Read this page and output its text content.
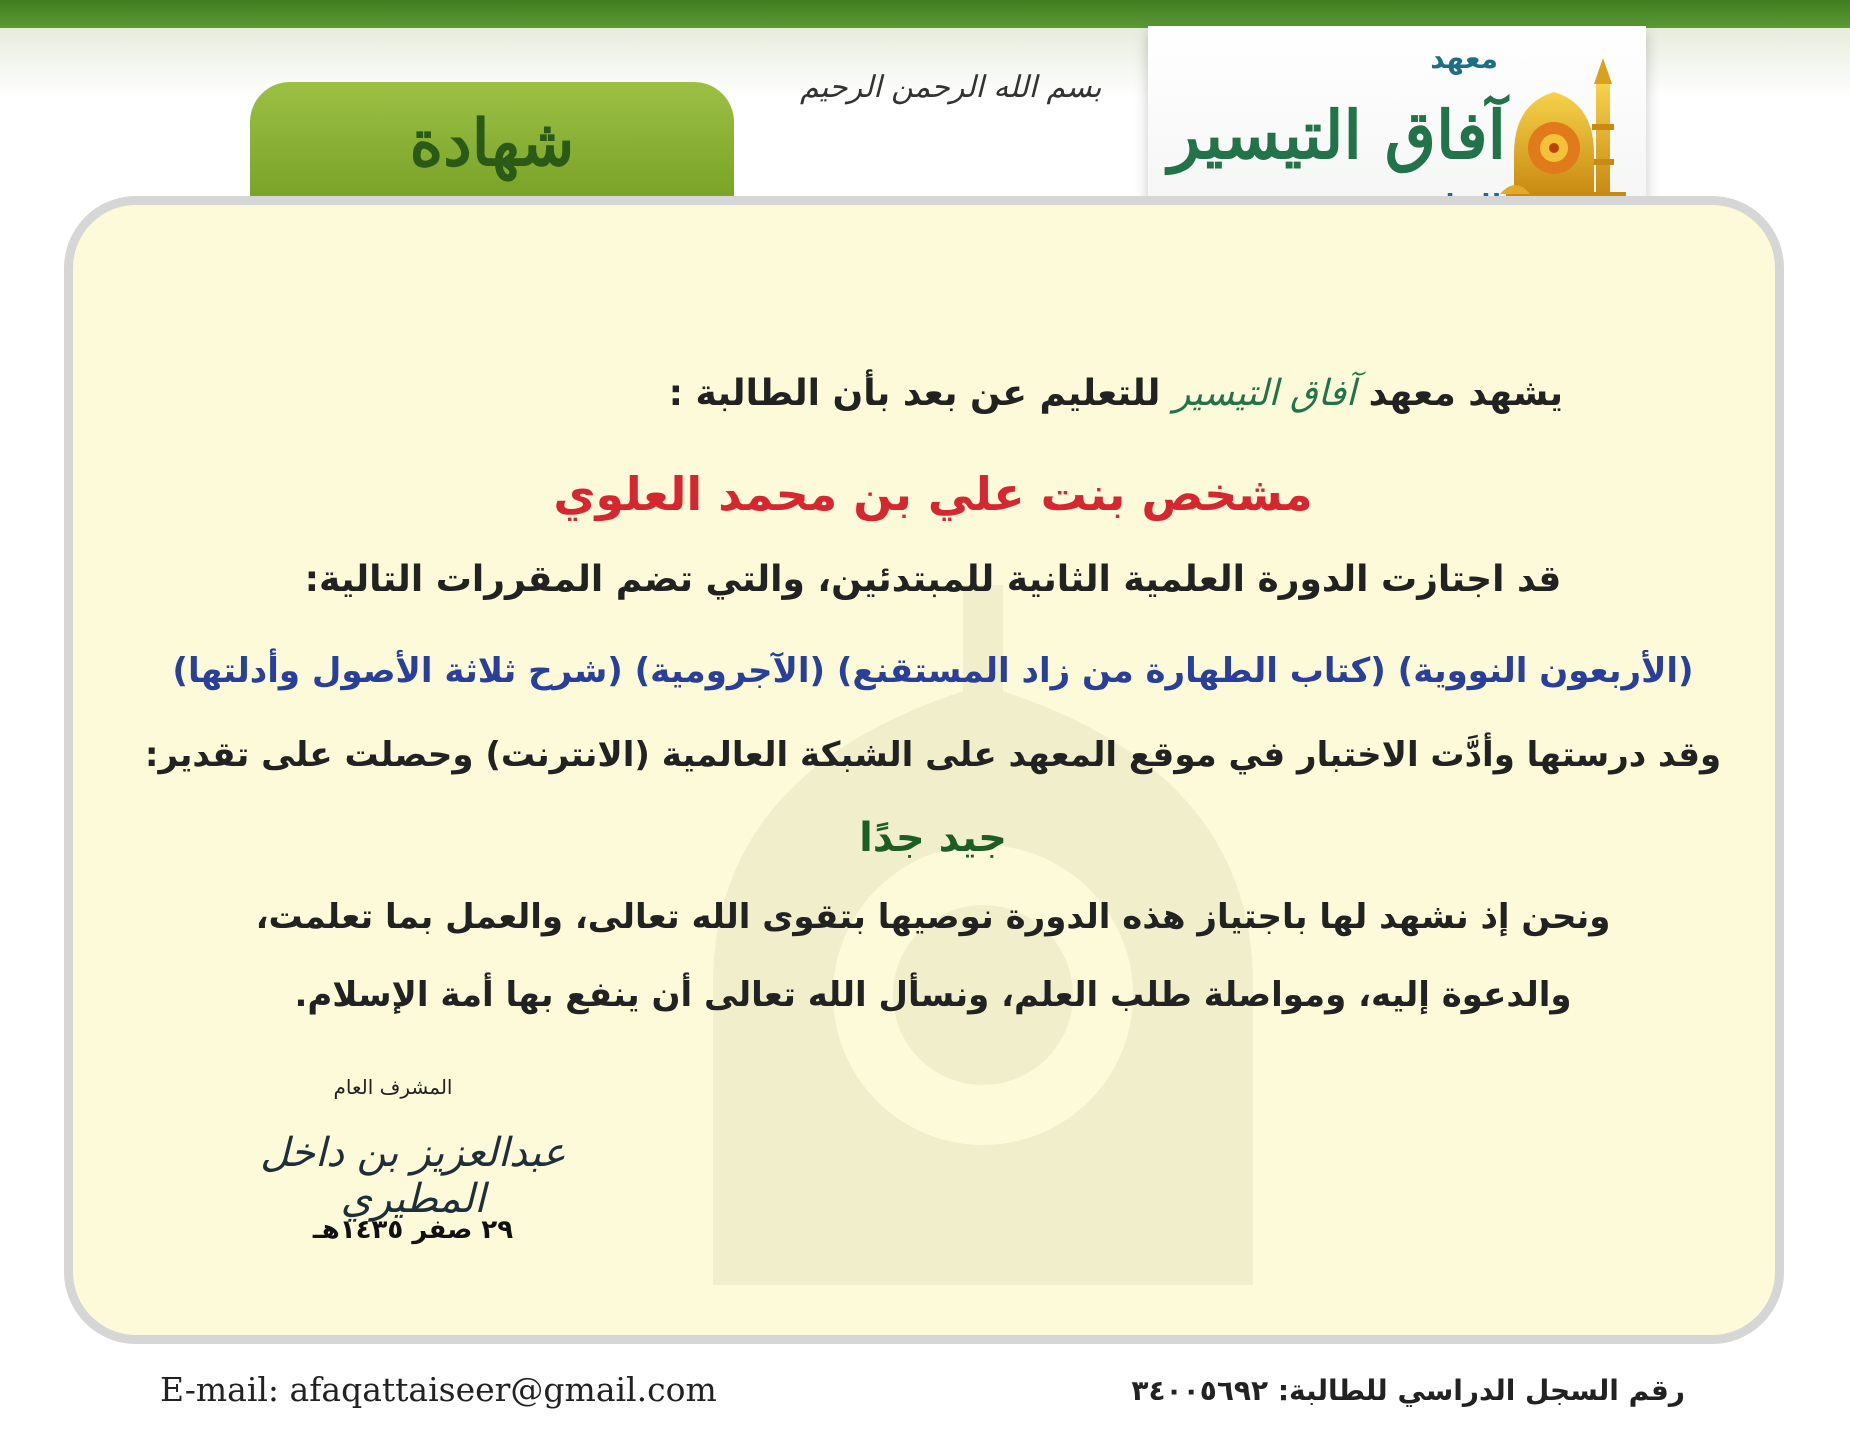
معهد
آفاق التيسير
شهادة
بسم الله الرحمن الرحيم
يشهد معهد آفاق التيسير للتعليم عن بعد بأن الطالبة :
مشخص بنت علي بن محمد العلوي
قد اجتازت الدورة العلمية الثانية للمبتدئين، والتي تضم المقررات التالية:
(الأربعون النووية) (كتاب الطهارة من زاد المستقنع) (الآجرومية) (شرح ثلاثة الأصول وأدلتها)
وقد درستها وأدَّت الاختبار في موقع المعهد على الشبكة العالمية (الانترنت) وحصلت على تقدير:
جيد جدًا
ونحن إذ نشهد لها باجتياز هذه الدورة نوصيها بتقوى الله تعالى، والعمل بما تعلمت،
والدعوة إليه، ومواصلة طلب العلم، ونسأل الله تعالى أن ينفع بها أمة الإسلام.
المشرف العام
عبدالعزيز بن داخل المطيري
٢٩ صفر ١٤٣٥هـ
E-mail: afaqattaiseer@gmail.com	رقم السجل الدراسي للطالبة: ٣٤٠٠٥٦٩٢
